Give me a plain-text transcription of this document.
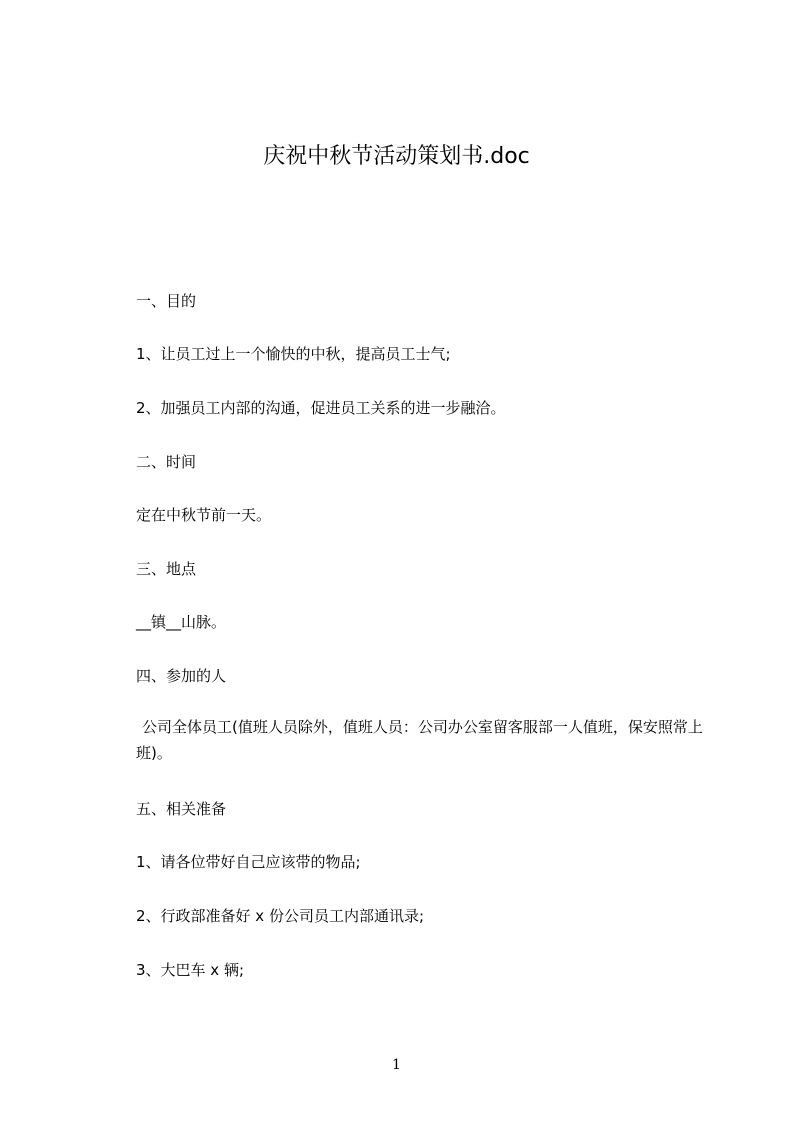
庆祝中秋节活动策划书.doc
一、目的
1、让员工过上一个愉快的中秋，提高员工士气;
2、加强员工内部的沟通，促进员工关系的进一步融洽。
二、时间
定在中秋节前一天。
三、地点
__镇__山脉。
四、参加的人
公司全体员工(值班人员除外，值班人员：公司办公室留客服部一人值班，保安照常上班)。
五、相关准备
1、请各位带好自己应该带的物品;
2、行政部准备好 x 份公司员工内部通讯录;
3、大巴车 x 辆;
1
